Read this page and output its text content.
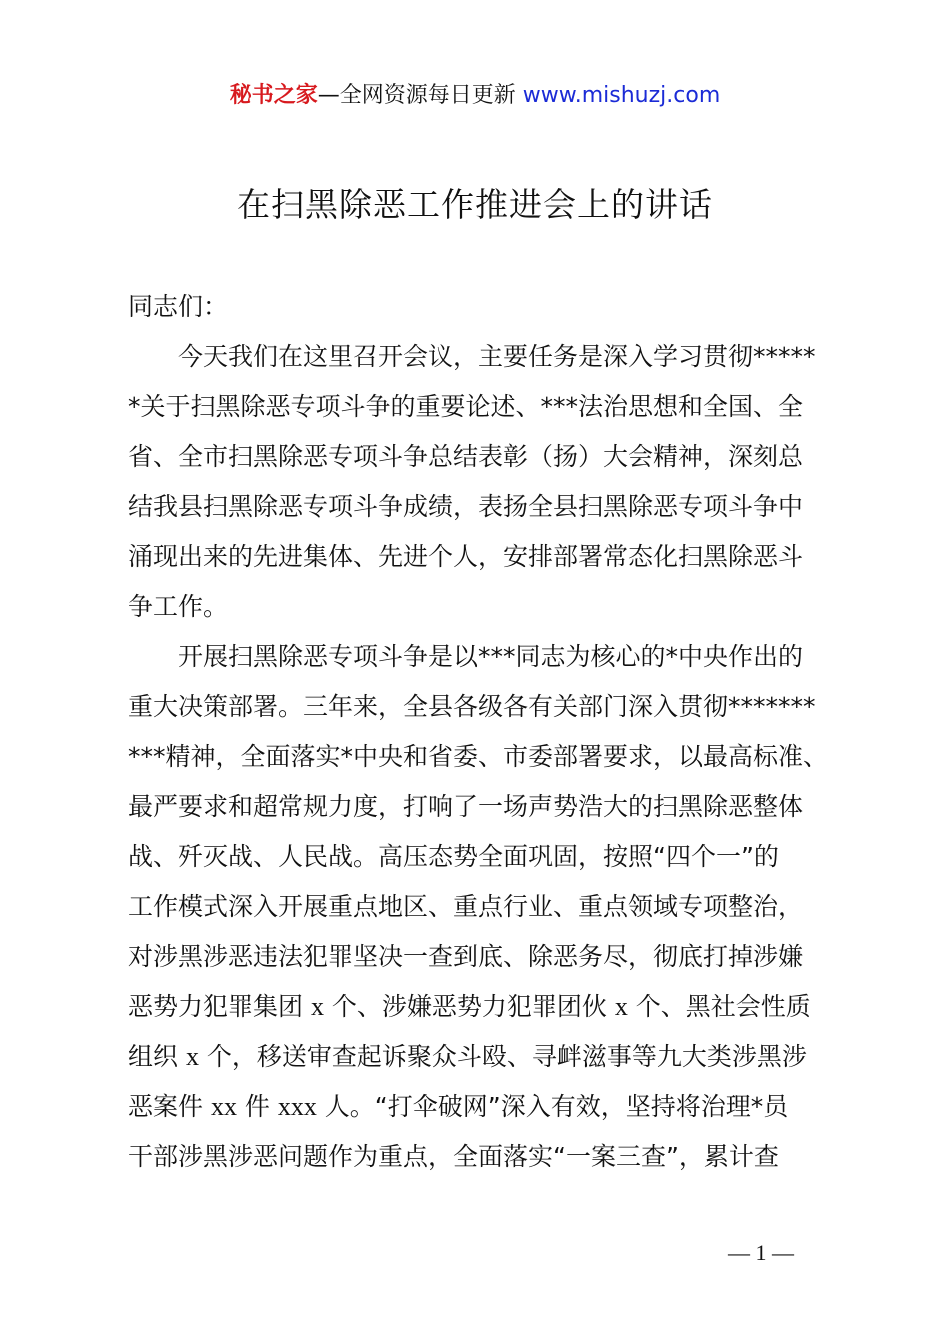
秘书之家—全网资源每日更新 www.mishuzj.com
在扫黑除恶工作推进会上的讲话
同志们：
今天我们在这里召开会议，主要任务是深入学习贯彻*****
*关于扫黑除恶专项斗争的重要论述、***法治思想和全国、全
省、全市扫黑除恶专项斗争总结表彰（扬）大会精神，深刻总
结我县扫黑除恶专项斗争成绩，表扬全县扫黑除恶专项斗争中
涌现出来的先进集体、先进个人，安排部署常态化扫黑除恶斗
争工作。
开展扫黑除恶专项斗争是以***同志为核心的*中央作出的
重大决策部署。三年来，全县各级各有关部门深入贯彻*******
***精神，全面落实*中央和省委、市委部署要求，以最高标准、
最严要求和超常规力度，打响了一场声势浩大的扫黑除恶整体
战、歼灭战、人民战。高压态势全面巩固，按照“四个一”的
工作模式深入开展重点地区、重点行业、重点领域专项整治，
对涉黑涉恶违法犯罪坚决一查到底、除恶务尽，彻底打掉涉嫌
恶势力犯罪集团 x 个、涉嫌恶势力犯罪团伙 x 个、黑社会性质
组织 x 个，移送审查起诉聚众斗殴、寻衅滋事等九大类涉黑涉
恶案件 xx 件 xxx 人。“打伞破网”深入有效，坚持将治理*员
干部涉黑涉恶问题作为重点，全面落实“一案三查”，累计查
— 1 —
